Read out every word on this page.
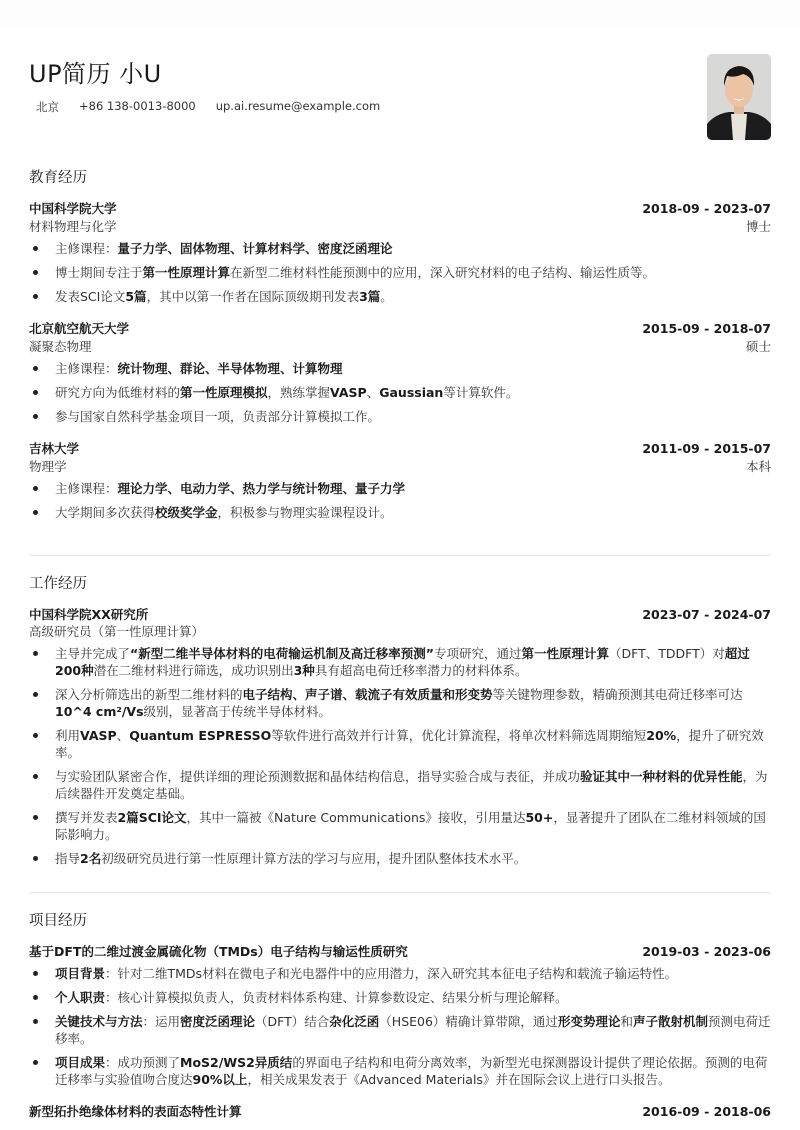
UP简历 小U
北京 +86 138-0013-8000 up.ai.resume@example.com
教育经历
中国科学院大学	2018-09 - 2023-07
材料物理与化学	博士
主修课程：量子力学、固体物理、计算材料学、密度泛函理论
博士期间专注于第一性原理计算在新型二维材料性能预测中的应用，深入研究材料的电子结构、输运性质等。
发表SCI论文5篇，其中以第一作者在国际顶级期刊发表3篇。
北京航空航天大学	2015-09 - 2018-07
凝聚态物理	硕士
主修课程：统计物理、群论、半导体物理、计算物理
研究方向为低维材料的第一性原理模拟，熟练掌握VASP、Gaussian等计算软件。
参与国家自然科学基金项目一项，负责部分计算模拟工作。
吉林大学	2011-09 - 2015-07
物理学	本科
主修课程：理论力学、电动力学、热力学与统计物理、量子力学
大学期间多次获得校级奖学金，积极参与物理实验课程设计。
工作经历
中国科学院XX研究所	2023-07 - 2024-07
高级研究员（第一性原理计算）
主导并完成了“新型二维半导体材料的电荷输运机制及高迁移率预测”专项研究，通过第一性原理计算（DFT、TDDFT）对超过200种潜在二维材料进行筛选，成功识别出3种具有超高电荷迁移率潜力的材料体系。
深入分析筛选出的新型二维材料的电子结构、声子谱、载流子有效质量和形变势等关键物理参数，精确预测其电荷迁移率可达10^4 cm²/Vs级别，显著高于传统半导体材料。
利用VASP、Quantum ESPRESSO等软件进行高效并行计算，优化计算流程，将单次材料筛选周期缩短20%，提升了研究效率。
与实验团队紧密合作，提供详细的理论预测数据和晶体结构信息，指导实验合成与表征，并成功验证其中一种材料的优异性能，为后续器件开发奠定基础。
撰写并发表2篇SCI论文，其中一篇被《Nature Communications》接收，引用量达50+，显著提升了团队在二维材料领域的国际影响力。
指导2名初级研究员进行第一性原理计算方法的学习与应用，提升团队整体技术水平。
项目经历
基于DFT的二维过渡金属硫化物（TMDs）电子结构与输运性质研究	2019-03 - 2023-06
项目背景：针对二维TMDs材料在微电子和光电器件中的应用潜力，深入研究其本征电子结构和载流子输运特性。
个人职责：核心计算模拟负责人，负责材料体系构建、计算参数设定、结果分析与理论解释。
关键技术与方法：运用密度泛函理论（DFT）结合杂化泛函（HSE06）精确计算带隙，通过形变势理论和声子散射机制预测电荷迁移率。
项目成果：成功预测了MoS2/WS2异质结的界面电子结构和电荷分离效率，为新型光电探测器设计提供了理论依据。预测的电荷迁移率与实验值吻合度达90%以上，相关成果发表于《Advanced Materials》并在国际会议上进行口头报告。
新型拓扑绝缘体材料的表面态特性计算	2016-09 - 2018-06
